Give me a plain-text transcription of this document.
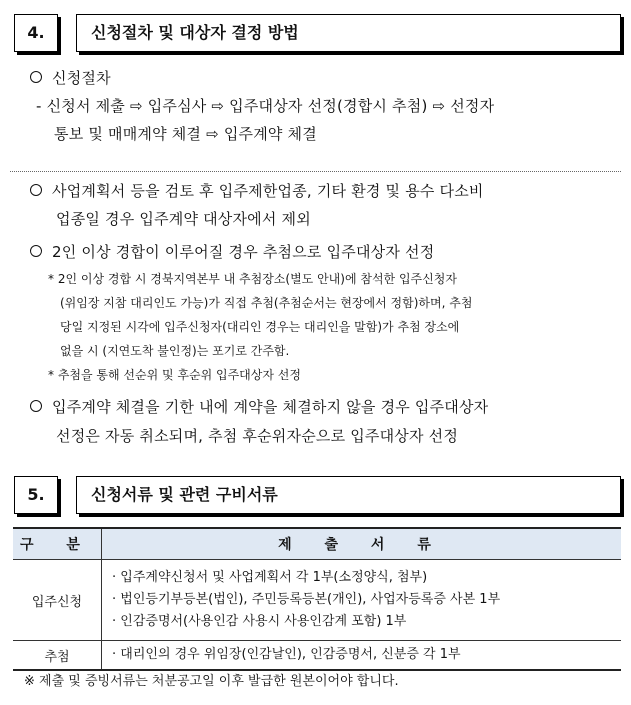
4.	신청절차 및 대상자 결정 방법
신청절차
- 신청서 제출 ⇨ 입주심사 ⇨ 입주대상자 선정(경합시 추첨) ⇨ 선정자
통보 및 매매계약 체결 ⇨ 입주계약 체결
사업계획서 등을 검토 후 입주제한업종, 기타 환경 및 용수 다소비
업종일 경우 입주계약 대상자에서 제외
2인 이상 경합이 이루어질 경우 추첨으로 입주대상자 선정
* 2인 이상 경합 시 경북지역본부 내 추첨장소(별도 안내)에 참석한 입주신청자
(위임장 지참 대리인도 가능)가 직접 추첨(추첨순서는 현장에서 정함)하며, 추첨
당일 지정된 시각에 입주신청자(대리인 경우는 대리인을 말함)가 추첨 장소에
없을 시 (지연도착 불인정)는 포기로 간주함.
* 추첨을 통해 선순위 및 후순위 입주대상자 선정
입주계약 체결을 기한 내에 계약을 체결하지 않을 경우 입주대상자
선정은 자동 취소되며, 추첨 후순위자순으로 입주대상자 선정
5.	신청서류 및 관련 구비서류
구 분	제 출 서 류
입주신청	· 입주계약신청서 및 사업계획서 각 1부(소정양식, 첨부)
· 법인등기부등본(법인), 주민등록등본(개인), 사업자등록증 사본 1부
· 인감증명서(사용인감 사용시 사용인감계 포함) 1부

추첨	· 대리인의 경우 위임장(인감날인), 인감증명서, 신분증 각 1부
※ 제출 및 증빙서류는 처분공고일 이후 발급한 원본이어야 합니다.
